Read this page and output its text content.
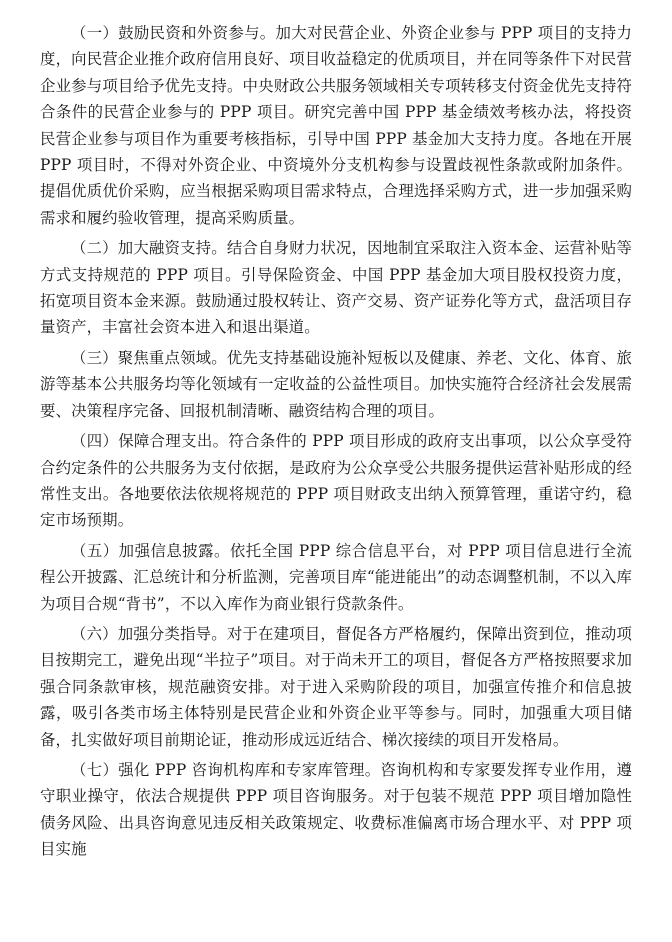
（一）鼓励民资和外资参与。加大对民营企业、外资企业参与 PPP 项目的支持力度，向民营企业推介政府信用良好、项目收益稳定的优质项目，并在同等条件下对民营企业参与项目给予优先支持。中央财政公共服务领域相关专项转移支付资金优先支持符合条件的民营企业参与的 PPP 项目。研究完善中国 PPP 基金绩效考核办法，将投资民营企业参与项目作为重要考核指标，引导中国 PPP 基金加大支持力度。各地在开展 PPP 项目时，不得对外资企业、中资境外分支机构参与设置歧视性条款或附加条件。提倡优质优价采购，应当根据采购项目需求特点，合理选择采购方式，进一步加强采购需求和履约验收管理，提高采购质量。

（二）加大融资支持。结合自身财力状况，因地制宜采取注入资本金、运营补贴等方式支持规范的 PPP 项目。引导保险资金、中国 PPP 基金加大项目股权投资力度，拓宽项目资本金来源。鼓励通过股权转让、资产交易、资产证券化等方式，盘活项目存量资产，丰富社会资本进入和退出渠道。

（三）聚焦重点领域。优先支持基础设施补短板以及健康、养老、文化、体育、旅游等基本公共服务均等化领域有一定收益的公益性项目。加快实施符合经济社会发展需要、决策程序完备、回报机制清晰、融资结构合理的项目。

（四）保障合理支出。符合条件的 PPP 项目形成的政府支出事项，以公众享受符合约定条件的公共服务为支付依据，是政府为公众享受公共服务提供运营补贴形成的经常性支出。各地要依法依规将规范的 PPP 项目财政支出纳入预算管理，重诺守约，稳定市场预期。

（五）加强信息披露。依托全国 PPP 综合信息平台，对 PPP 项目信息进行全流程公开披露、汇总统计和分析监测，完善项目库“能进能出”的动态调整机制，不以入库为项目合规“背书”，不以入库作为商业银行贷款条件。

（六）加强分类指导。对于在建项目，督促各方严格履约，保障出资到位，推动项目按期完工，避免出现“半拉子”项目。对于尚未开工的项目，督促各方严格按照要求加强合同条款审核，规范融资安排。对于进入采购阶段的项目，加强宣传推介和信息披露，吸引各类市场主体特别是民营企业和外资企业平等参与。同时，加强重大项目储备，扎实做好项目前期论证，推动形成远近结合、梯次接续的项目开发格局。

（七）强化 PPP 咨询机构库和专家库管理。咨询机构和专家要发挥专业作用，遵守职业操守，依法合规提供 PPP 项目咨询服务。对于包装不规范 PPP 项目增加隐性债务风险、出具咨询意见违反相关政策规定、收费标准偏离市场合理水平、对 PPP 项目实施
